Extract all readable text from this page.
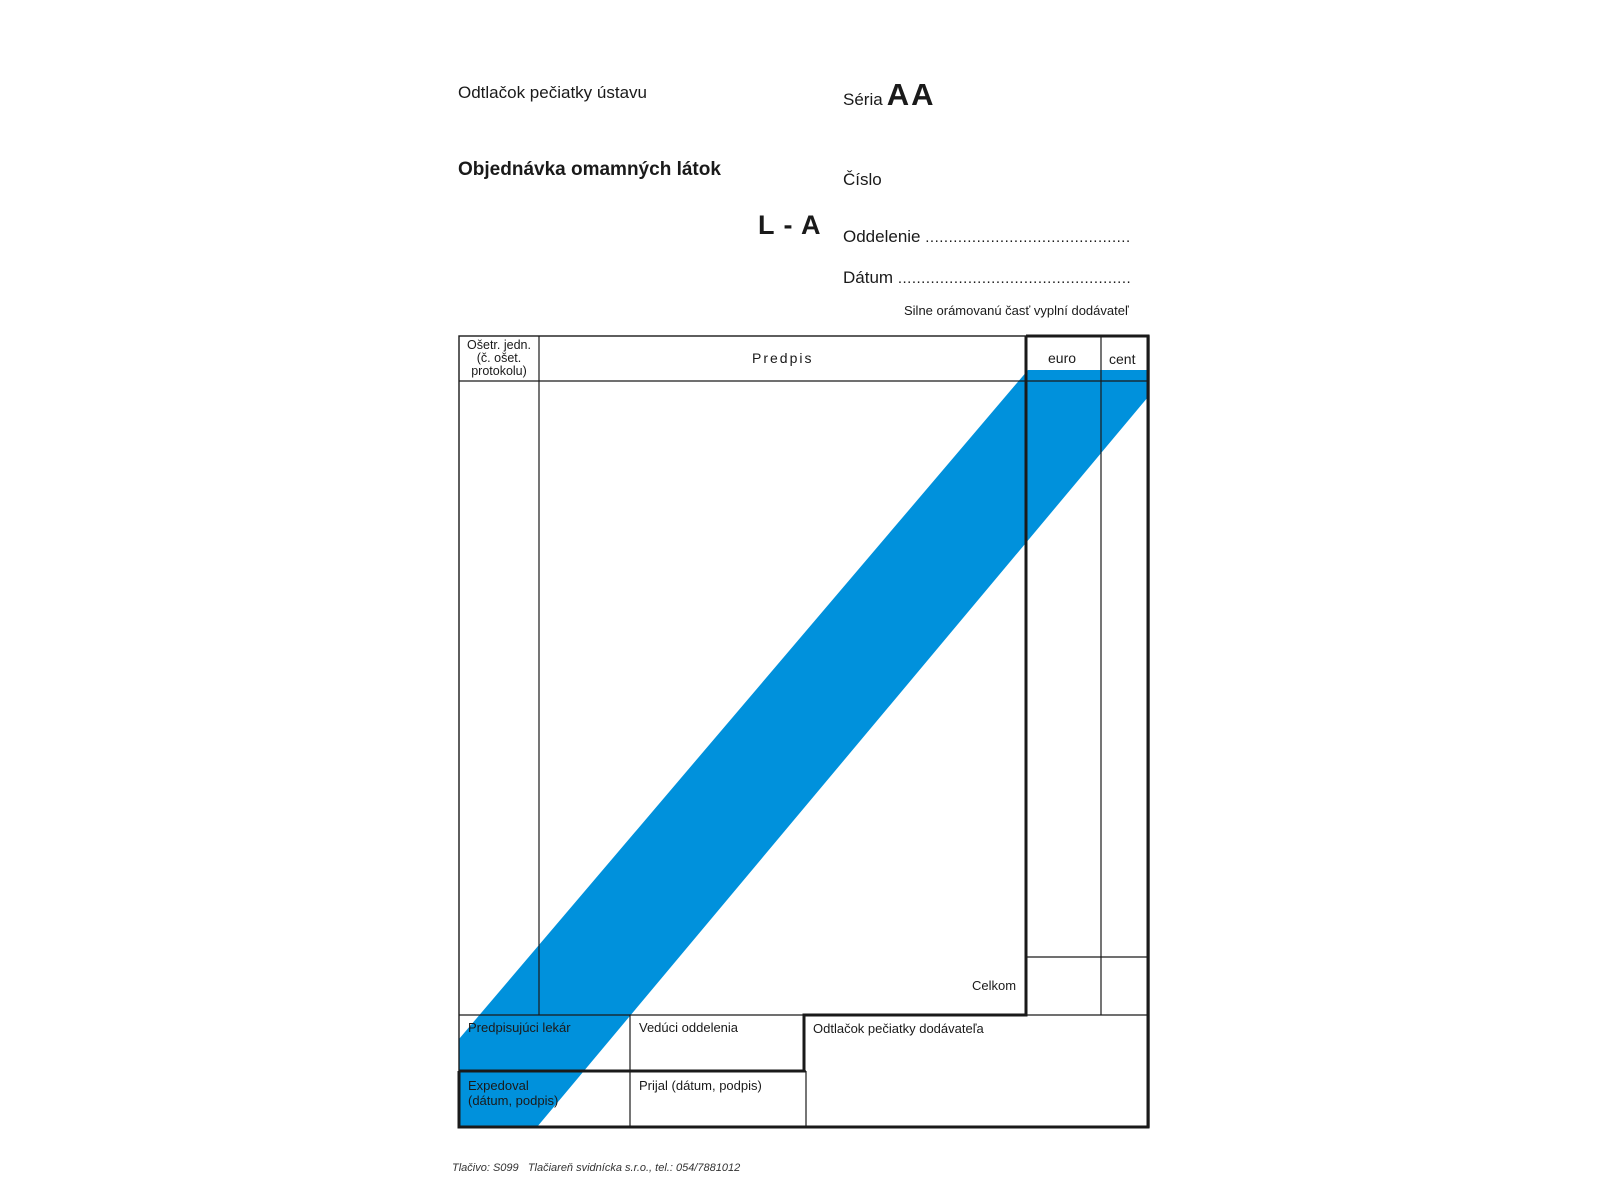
Odtlačok pečiatky ústavu	Séria AA
Objednávka omamných látok	Číslo
L - A Oddelenie ............................................
Dátum ..................................................
Silne orámovanú časť vyplní dodávateľ
Ošetr. jedn.
(č. ošet.
protokolu)
Predpis	euro cent
Celkom
Predpisujúci lekár	Vedúci oddelenia	Odtlačok pečiatky dodávateľa
Expedoval
(dátum, podpis)
Prijal (dátum, podpis)
Tlačivo: S099   Tlačiareň svidnícka s.r.o., tel.: 054/7881012
